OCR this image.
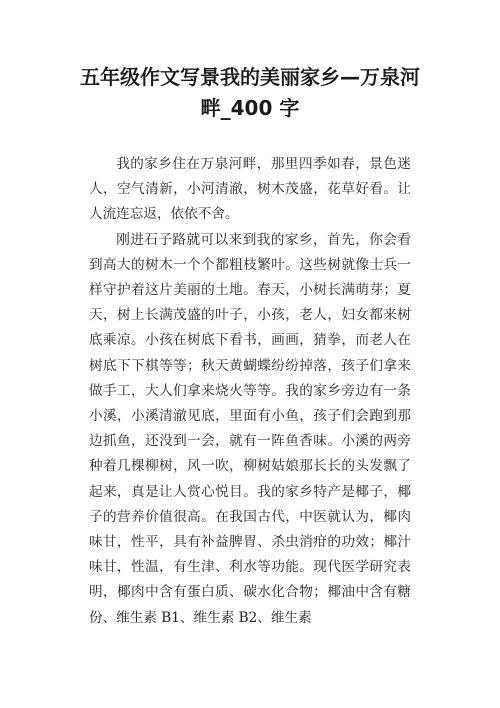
五年级作文写景我的美丽家乡—万泉河畔_400 字

我的家乡住在万泉河畔，那里四季如春，景色迷人，空气清新，小河清澈，树木茂盛，花草好看。让人流连忘返，依依不舍。

刚进石子路就可以来到我的家乡，首先，你会看到高大的树木一个个都粗枝繁叶。这些树就像士兵一样守护着这片美丽的土地。春天，小树长满萌芽；夏天，树上长满茂盛的叶子，小孩，老人，妇女都来树底乘凉。小孩在树底下看书，画画，猜拳，而老人在树底下下棋等等；秋天黄蝴蝶纷纷掉落，孩子们拿来做手工，大人们拿来烧火等等。我的家乡旁边有一条小溪，小溪清澈见底，里面有小鱼，孩子们会跑到那边抓鱼，还没到一会，就有一阵鱼香味。小溪的两旁种着几棵柳树，风一吹，柳树姑娘那长长的头发飘了起来，真是让人赏心悦目。我的家乡特产是椰子，椰子的营养价值很高。在我国古代，中医就认为，椰肉味甘，性平，具有补益脾胃、杀虫消疳的功效；椰汁味甘，性温，有生津、利水等功能。现代医学研究表明，椰肉中含有蛋白质、碳水化合物；椰油中含有糖份、维生素 B1、维生素 B2、维生素
